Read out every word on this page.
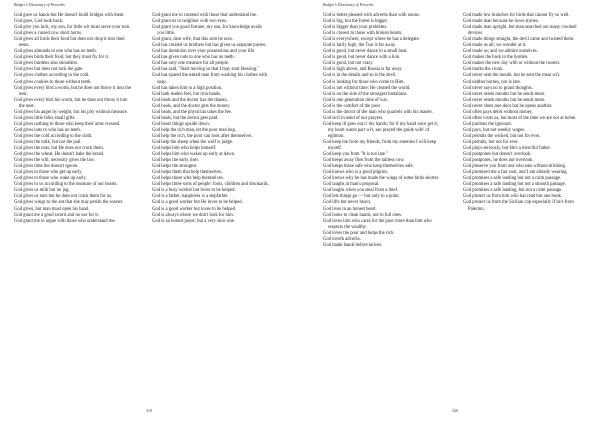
Bodger's Dictionary of Proverbs

God gave us hands but He doesn't build bridges with them.

God gave, God took back.

God give you luck, my son, for little wit must serve your turn.

God gives a cursed cow short horns.

God gives all birds their food but does not drop it into their nests.

God gives almonds to one who has no teeth.

God gives birds their food, but they must fly for it.

God gives burdens also shoulders.

God gives but does not lock the gate.

God gives clothes according to the cold.

God gives cookies to those without teeth.

God gives every bird a worm, but he does not throw it into the nest.

God gives every bird his worm, but he does not throw it into the nest.

God gives his anger by weight, but his pity without measure.

God gives little folks small gifts.

God gives nothing to those who keep their arms crossed.

God gives nuts to who has no teeth.

God gives the cold according to the cloth.

God gives the milk, but not the pail.

God gives the nuts, but He does not crack them.

God gives the wheat, He doesn't bake the bread.

God gives the will, necessity gives the law.

God gives time but doesn't ignore.

God gives to those who get up early.

God gives to those who wake up early.

God gives to us according to the measure of our hearts.

God gives us milk but no jug.

God gives us nuts but he does not crack them for us.

God gives wings to the ant that she may perish the sooner.

God gives, but man must open his hand.

God grant me a good sword and no use for it.

God grant me to argue with those who understand me.

God grant me to contend with those that understand me.

God grant us to neighbor with two eyes.

God grant you good fortune, my son, for knowledge avails you little.

God grant, dear wife, that this sum be ours.

God has created us brothers but has given us separate purses.

God has dominion over your possessions and your life.

God has given nuts to one who has no teeth.

God has only one measure for all people.

God has said, "Start moving so that I may start blessing."

God has spared the naked man from washing his clothes with soap.

God has taken him to a high position.

God hath leaden feet, but iron hands.

God heals and the doctor has the thanks.

God heals, and the doctor gets the money.

God heals, and the physician takes the fee.

God heals, but the doctor gets paid.

God hears things upside down.

God help the rich man, let the poor man beg.

God help the rich, the poor can look after themselves.

God help the sheep when the wolf is judge.

God helps him who helps himself.

God helps him who wakes up early at dawn.

God helps the early riser.

God helps the strongest.

God helps them that help themselves.

God helps those who help themselves.

God helps three sorts of people: fools, children and drunkards.

God is a busy worker but loves to be helped.

God is a father, happiness is a stepfather.

God is a good worker but He loves to be helped.

God is a good worker but loves to be helped.

God is always where we don't look for him.

God is an honest payer, but a very slow one.

319
Bodger's Dictionary of Proverbs

God is better pleased with adverbs than with nouns.

God is big, but the forest is bigger.

God is bigger than your problems.

God is closest to those with broken hearts.

God is everywhere, except where he has a delegate.

God is fairly high, the Tsar is far away.

God is good, but never dance in a small boat.

God is good, but never dance with a lion.

God is good, but not crazy.

God is high above, and Russia is far away.

God is in the details and so is the devil.

God is looking for those who come to Him.

God is not without time: He created the world.

God is on the side of the strongest battalions.

God is one generation time of war.

God is the comfort of the poor.

God is the doctor of the man who quarrels with his master.

God isn't in need of our prayers.

God keep ill goes out o' my hands; for if my hand once get it, my heart wants part wi't, sae prayed the guide wife' of eglinton.

God keep me from my friends; from my enemies I will keep myself.

God keep you from "It is too late."

God keeps away flies from the tailless cow.

God keeps those safe who keep themselves safe.

God knows who is a good pilgrim.

God knows why he has made the wings of some birds shorter.

God laughs at man's proposal.

God laughs when you steal from a thief.

God lets things go — but only to a point.

God lifts but never heavy.

God lives in an honest heart.

God looks to clean hands, not to full ones.

God loves him who cares for the poor more than him who respects the wealthy.

God loves the poor and helps the rich.

God loveth adverbs.

God made hands before knives.

God made low branches for birds that cannot fly so well.

God made man because he loves stories.

God made man upright, but man searched out many crooked devices.

God made things straight, the devil came and twisted them.

God made us all; we wonder at it.

God made us; and we admire ourselves.

God makes the back to the burden.

God makes the new day with or without the rooster.

God marks the crook.

God never sent the mouth, but he sent the meat wi't.

God neither burnes, nor is late.

God never says no to grand thoughts.

God never sends mouths but he sends meat.

God never sends mouths but he sends meat.

God never shuts one door but he opens another.

God often pays debts without money.

God often visits us, but most of the time we are not at home.

God pardons the ignorant.

God pays, but not weekly wages.

God permits the wicked, but not for ever.

God permits, but not for ever.

God plays seriously, but He's a merciful father.

God postpones but doesn't overlook.

God postpones, he does not overlook.

God preserve you from one who eats without drinking.

God promised me a fair coat, and I am already wearing.

God promises a safe landing but not a calm passage.

God promises a safe landing but not a smooth passage.

God promises a safe landing, but not a calm passage.

God protect us from him who has read but one book.

God protect us from the Sicilian cop especially if he's from Palermo.

320
